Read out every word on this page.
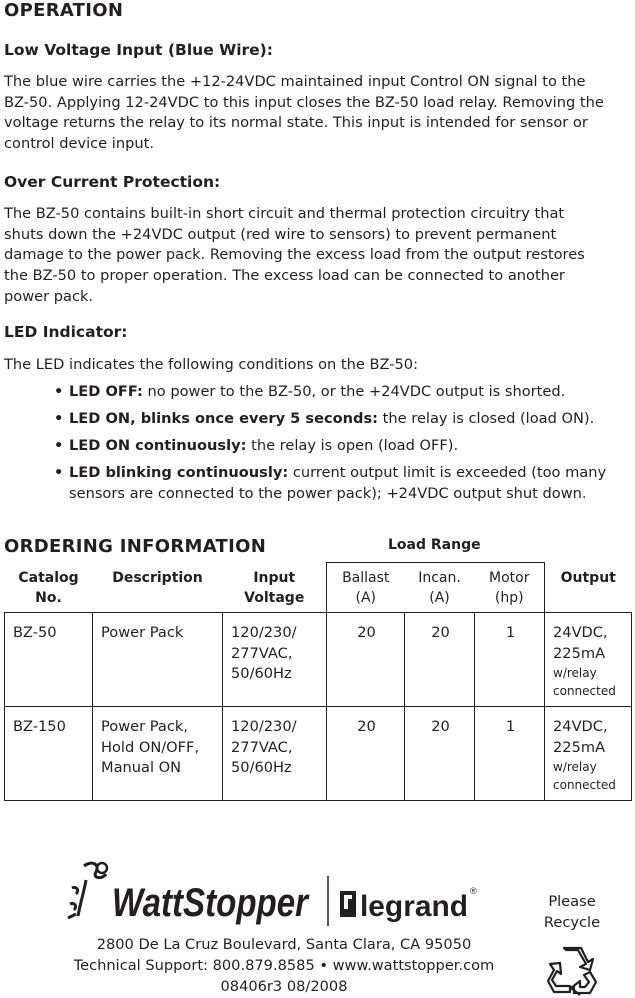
OPERATION
Low Voltage Input (Blue Wire):
The blue wire carries the +12-24VDC maintained input Control ON signal to the
BZ-50. Applying 12-24VDC to this input closes the BZ-50 load relay. Removing the
voltage returns the relay to its normal state. This input is intended for sensor or
control device input.
Over Current Protection:
The BZ-50 contains built-in short circuit and thermal protection circuitry that
shuts down the +24VDC output (red wire to sensors) to prevent permanent
damage to the power pack. Removing the excess load from the output restores
the BZ-50 to proper operation. The excess load can be connected to another
power pack.
LED Indicator:
The LED indicates the following conditions on the BZ-50:
• LED OFF: no power to the BZ-50, or the +24VDC output is shorted.
• LED ON, blinks once every 5 seconds: the relay is closed (load ON).
• LED ON continuously: the relay is open (load OFF).
• LED blinking continuously: current output limit is exceeded (too many sensors are connected to the power pack); +24VDC output shut down.
ORDERING INFORMATION	Load Range
Catalog No.	Description	Input Voltage	Ballast (A)	Incan. (A)	Motor (hp)	Output
BZ-50	Power Pack	120/230/ 277VAC, 50/60Hz	20	20	1	24VDC, 225mA
w/relay connected

BZ-150	Power Pack, Hold ON/OFF, Manual ON	120/230/ 277VAC, 50/60Hz	20	20	1	24VDC, 225mA
w/relay connected
WattStopper legrand ®
2800 De La Cruz Boulevard, Santa Clara, CA 95050
Technical Support: 800.879.8585 • www.wattstopper.com
08406r3 08/2008
Please
Recycle
